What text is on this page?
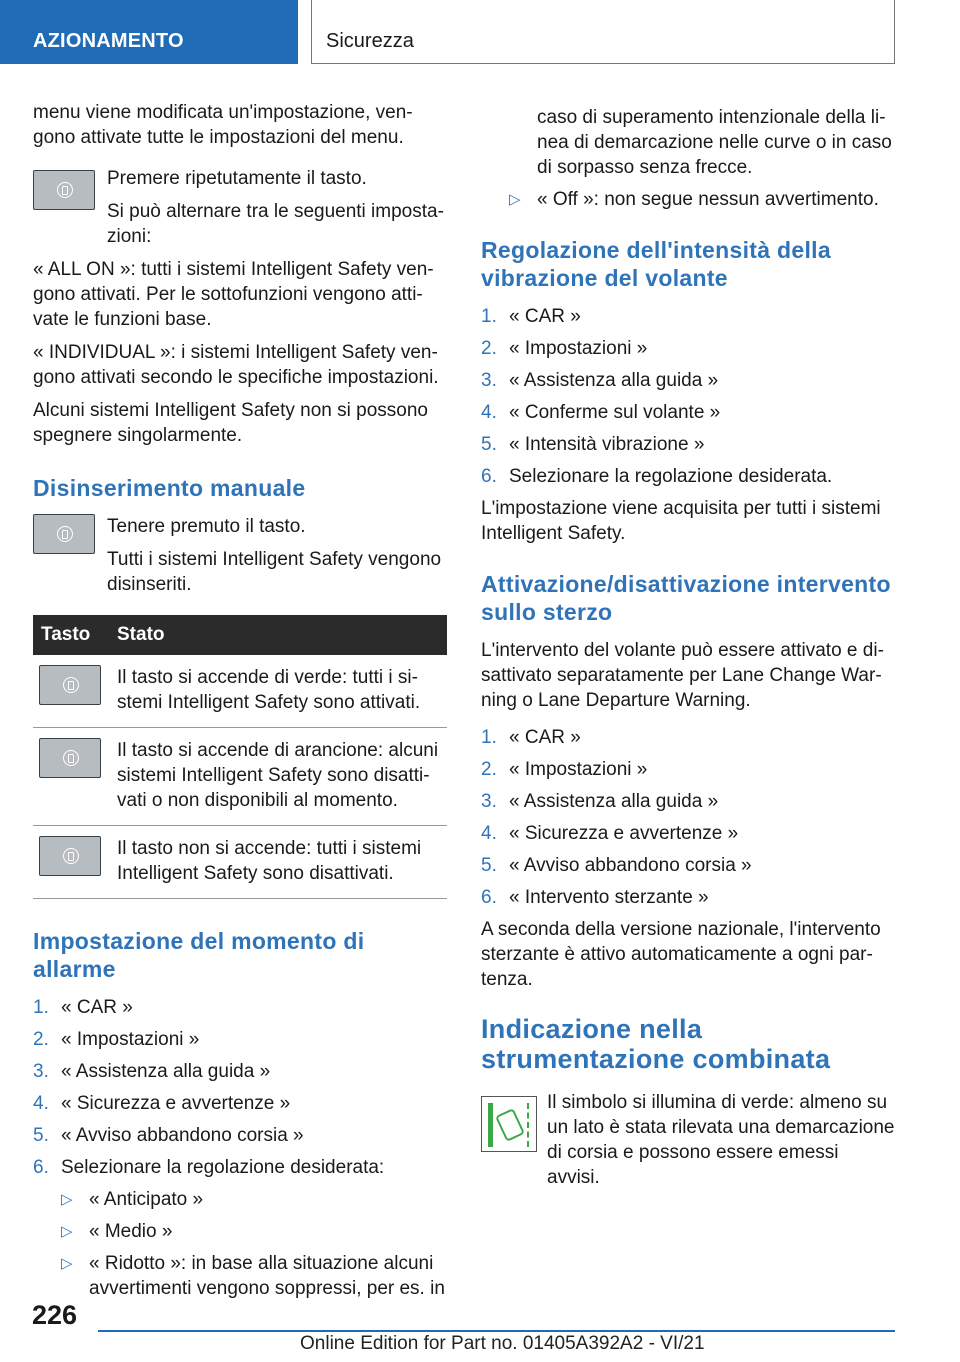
AZIONAMENTO	Sicurezza

menu viene modificata un'impostazione, vengono attivate tutte le impostazioni del menu.

Premere ripetutamente il tasto.

Si può alternare tra le seguenti impostazioni:

« ALL ON »: tutti i sistemi Intelligent Safety vengono attivati. Per le sottofunzioni vengono attivate le funzioni base.

« INDIVIDUAL »: i sistemi Intelligent Safety vengono attivati secondo le specifiche impostazioni.

Alcuni sistemi Intelligent Safety non si possono spegnere singolarmente.

Disinserimento manuale

Tenere premuto il tasto.

Tutti i sistemi Intelligent Safety vengono disinseriti.

Tasto	Stato

	Il tasto si accende di verde: tutti i sistemi Intelligent Safety sono attivati.

	Il tasto si accende di arancione: alcuni sistemi Intelligent Safety sono disattivati o non disponibili al momento.

	Il tasto non si accende: tutti i sistemi Intelligent Safety sono disattivati.
Impostazione del momento di allarme
1. « CAR »
2. « Impostazioni »
3. « Assistenza alla guida »
4. « Sicurezza e avvertenze »
5. « Avviso abbandono corsia »
6. Selezionare la regolazione desiderata:
▷ « Anticipato »
▷ « Medio »
▷ « Ridotto »: in base alla situazione alcuni avvertimenti vengono soppressi, per es. in
caso di superamento intenzionale della linea di demarcazione nelle curve o in caso di sorpasso senza frecce.
▷ « Off »: non segue nessun avvertimento.
Regolazione dell'intensità della vibrazione del volante
1. « CAR »
2. « Impostazioni »
3. « Assistenza alla guida »
4. « Conferme sul volante »
5. « Intensità vibrazione »
6. Selezionare la regolazione desiderata.

L'impostazione viene acquisita per tutti i sistemi Intelligent Safety.

Attivazione/disattivazione intervento sullo sterzo

L'intervento del volante può essere attivato e disattivato separatamente per Lane Change Warning o Lane Departure Warning.

1. « CAR »
2. « Impostazioni »
3. « Assistenza alla guida »
4. « Sicurezza e avvertenze »
5. « Avviso abbandono corsia »
6. « Intervento sterzante »

A seconda della versione nazionale, l'intervento sterzante è attivo automaticamente a ogni partenza.

Indicazione nella strumentazione combinata

Il simbolo si illumina di verde: almeno su un lato è stata rilevata una demarcazione di corsia e possono essere emessi avvisi.

226
Online Edition for Part no. 01405A392A2 - VI/21
